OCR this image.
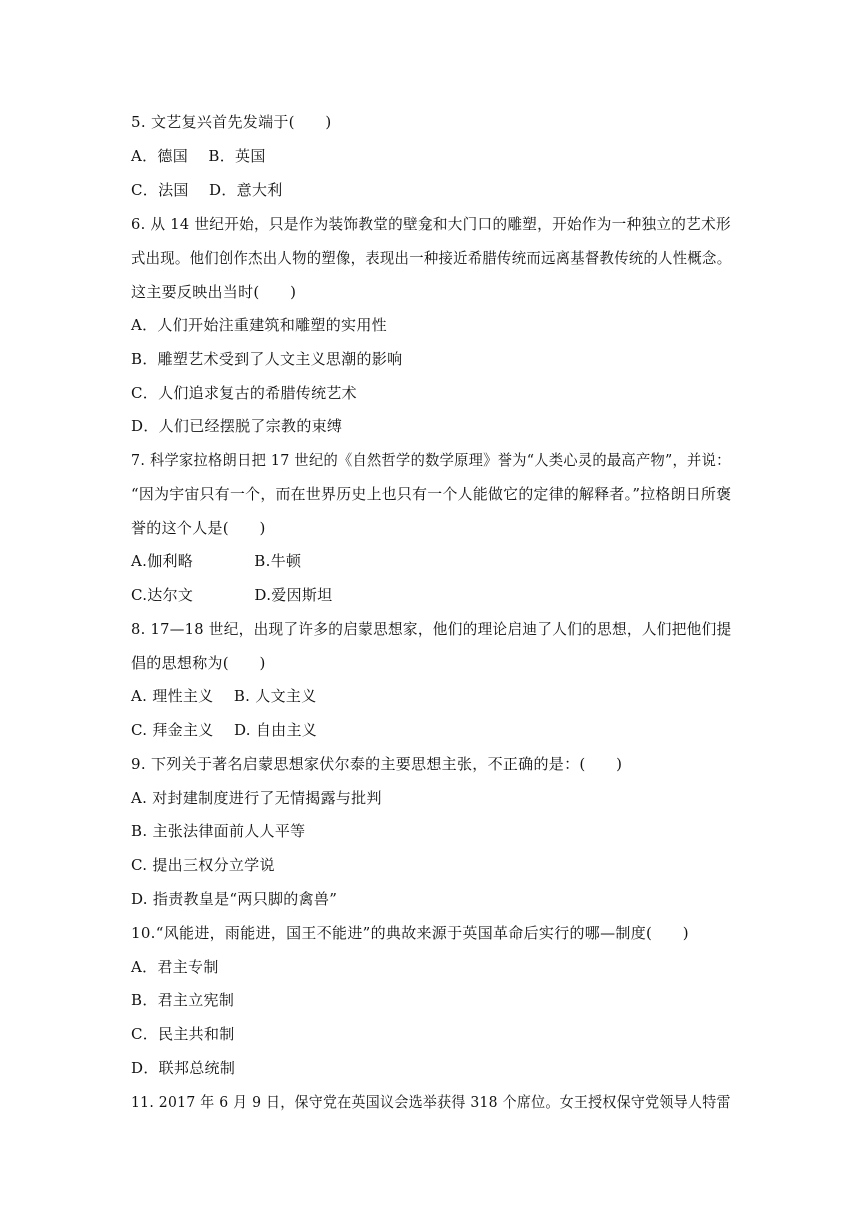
5. 文艺复兴首先发端于(　　)
A．德国　 B．英国
C．法国　 D．意大利
6. 从 14 世纪开始，只是作为装饰教堂的壁龛和大门口的雕塑，开始作为一种独立的艺术形
式出现。他们创作杰出人物的塑像，表现出一种接近希腊传统而远离基督教传统的人性概念。
这主要反映出当时(　　)
A．人们开始注重建筑和雕塑的实用性
B．雕塑艺术受到了人文主义思潮的影响
C．人们追求复古的希腊传统艺术
D．人们已经摆脱了宗教的束缚
7. 科学家拉格朗日把 17 世纪的《自然哲学的数学原理》誉为“人类心灵的最高产物”，并说：
“因为宇宙只有一个，而在世界历史上也只有一个人能做它的定律的解释者。”拉格朗日所褒
誉的这个人是(　　)
A.伽利略　　　　B.牛顿
C.达尔文　　　　D.爱因斯坦
8. 17—18 世纪，出现了许多的启蒙思想家，他们的理论启迪了人们的思想，人们把他们提
倡的思想称为(　　)
A. 理性主义　 B. 人文主义
C. 拜金主义　 D. 自由主义
9. 下列关于著名启蒙思想家伏尔泰的主要思想主张，不正确的是：(　　)
A. 对封建制度进行了无情揭露与批判
B. 主张法律面前人人平等
C. 提出三权分立学说
D. 指责教皇是“两只脚的禽兽”
10.“风能进，雨能进，国王不能进”的典故来源于英国革命后实行的哪—制度(　　)
A．君主专制
B．君主立宪制
C．民主共和制
D．联邦总统制
11. 2017 年 6 月 9 日，保守党在英国议会选举获得 318 个席位。女王授权保守党领导人特雷
